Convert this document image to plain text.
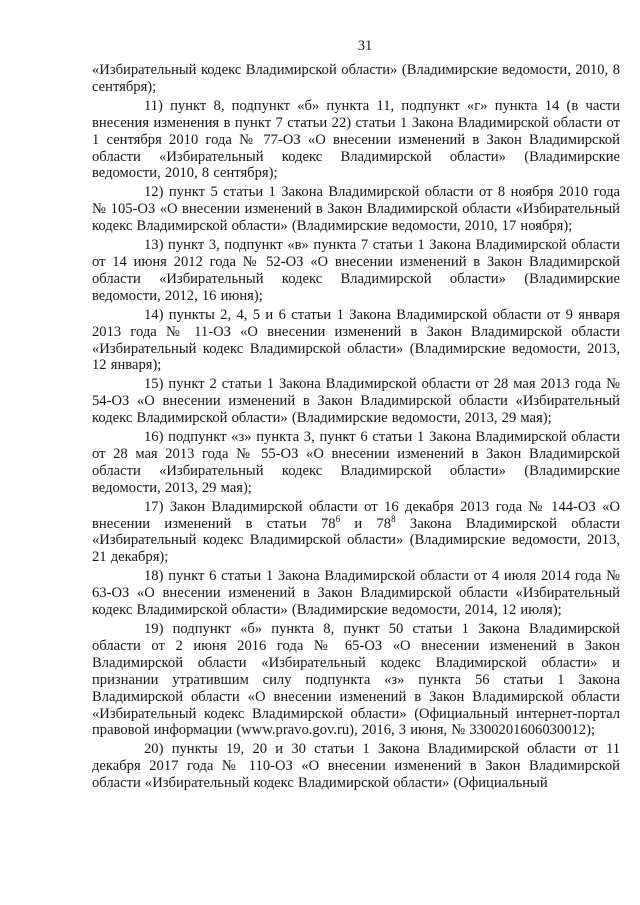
31

«Избирательный кодекс Владимирской области» (Владимирские ведомости, 2010, 8 сентября);

11) пункт 8, подпункт «б» пункта 11, подпункт «г» пункта 14 (в части внесения изменения в пункт 7 статьи 22) статьи 1 Закона Владимирской области от 1 сентября 2010 года № 77-ОЗ «О внесении изменений в Закон Владимирской области «Избирательный кодекс Владимирской области» (Владимирские ведомости, 2010, 8 сентября);

12) пункт 5 статьи 1 Закона Владимирской области от 8 ноября 2010 года № 105-ОЗ «О внесении изменений в Закон Владимирской области «Избирательный кодекс Владимирской области» (Владимирские ведомости, 2010, 17 ноября);

13) пункт 3, подпункт «в» пункта 7 статьи 1 Закона Владимирской области от 14 июня 2012 года № 52-ОЗ «О внесении изменений в Закон Владимирской области «Избирательный кодекс Владимирской области» (Владимирские ведомости, 2012, 16 июня);

14) пункты 2, 4, 5 и 6 статьи 1 Закона Владимирской области от 9 января 2013 года № 11-ОЗ «О внесении изменений в Закон Владимирской области «Избирательный кодекс Владимирской области» (Владимирские ведомости, 2013, 12 января);

15) пункт 2 статьи 1 Закона Владимирской области от 28 мая 2013 года № 54-ОЗ «О внесении изменений в Закон Владимирской области «Избирательный кодекс Владимирской области» (Владимирские ведомости, 2013, 29 мая);

16) подпункт «з» пункта 3, пункт 6 статьи 1 Закона Владимирской области от 28 мая 2013 года № 55-ОЗ «О внесении изменений в Закон Владимирской области «Избирательный кодекс Владимирской области» (Владимирские ведомости, 2013, 29 мая);

17) Закон Владимирской области от 16 декабря 2013 года № 144-ОЗ «О внесении изменений в статьи $78^6$ и $78^8$ Закона Владимирской области «Избирательный кодекс Владимирской области» (Владимирские ведомости, 2013, 21 декабря);

18) пункт 6 статьи 1 Закона Владимирской области от 4 июля 2014 года № 63-ОЗ «О внесении изменений в Закон Владимирской области «Избирательный кодекс Владимирской области» (Владимирские ведомости, 2014, 12 июля);

19) подпункт «б» пункта 8, пункт 50 статьи 1 Закона Владимирской области от 2 июня 2016 года № 65-ОЗ «О внесении изменений в Закон Владимирской области «Избирательный кодекс Владимирской области» и признании утратившим силу подпункта «з» пункта 56 статьи 1 Закона Владимирской области «О внесении изменений в Закон Владимирской области «Избирательный кодекс Владимирской области» (Официальный интернет-портал правовой информации (www.pravo.gov.ru), 2016, 3 июня, № 3300201606030012);

20) пункты 19, 20 и 30 статьи 1 Закона Владимирской области от 11 декабря 2017 года № 110-ОЗ «О внесении изменений в Закон Владимирской области «Избирательный кодекс Владимирской области» (Официальный
